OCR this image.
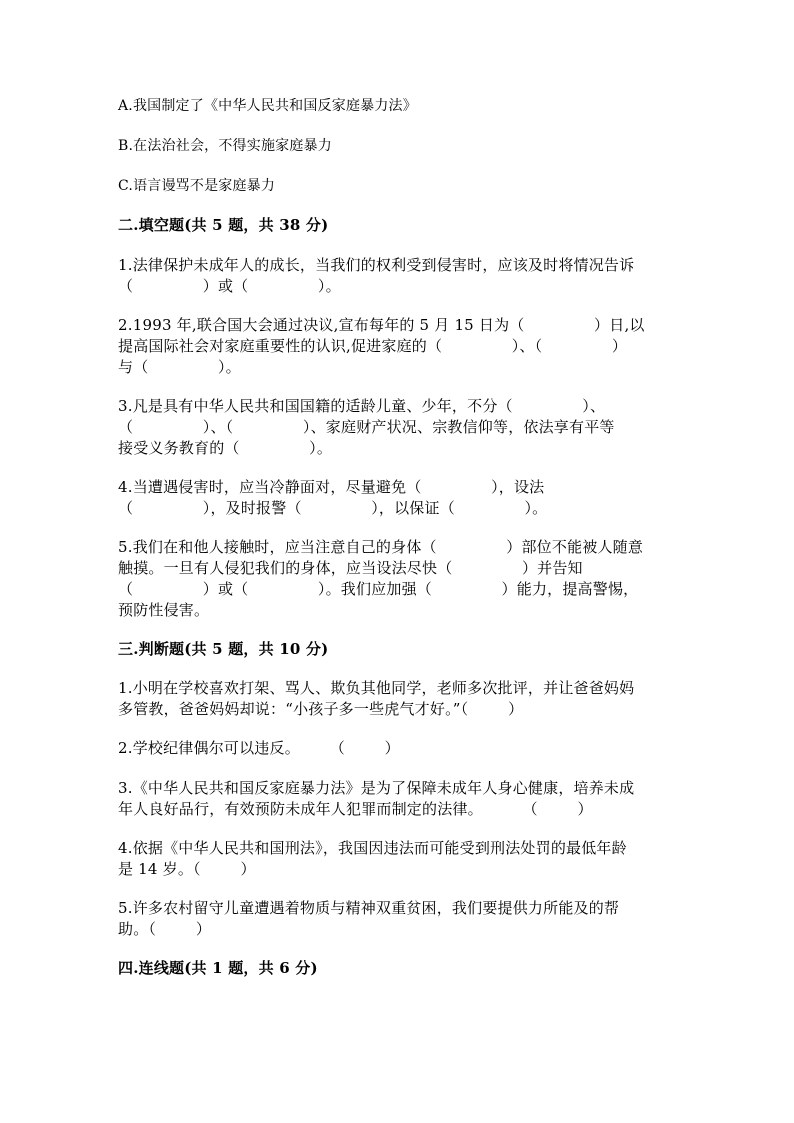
A.我国制定了《中华人民共和国反家庭暴力法》
B.在法治社会，不得实施家庭暴力
C.语言谩骂不是家庭暴力
二.填空题(共 5 题，共 38 分)
1.法律保护未成年人的成长，当我们的权利受到侵害时，应该及时将情况告诉
（              ）或（              ）。
2.1993 年,联合国大会通过决议,宣布每年的 5 月 15 日为（              ）日,以
提高国际社会对家庭重要性的认识,促进家庭的（              ）、（              ）
与（              ）。
3.凡是具有中华人民共和国国籍的适龄儿童、少年，不分（              ）、
（              ）、（              ）、家庭财产状况、宗教信仰等，依法享有平等
接受义务教育的（              ）。
4.当遭遇侵害时，应当冷静面对，尽量避免（              ），设法
（              ），及时报警（              ），以保证（              ）。
5.我们在和他人接触时，应当注意自己的身体（              ）部位不能被人随意
触摸。一旦有人侵犯我们的身体，应当设法尽快（              ）并告知
（              ）或（              ）。我们应加强（              ）能力，提高警惕，
预防性侵害。
三.判断题(共 5 题，共 10 分)
1.小明在学校喜欢打架、骂人、欺负其他同学，老师多次批评，并让爸爸妈妈
多管教，爸爸妈妈却说：“小孩子多一些虎气才好。”（        ）
2.学校纪律偶尔可以违反。      （        ）
3.《中华人民共和国反家庭暴力法》是为了保障未成年人身心健康，培养未成
年人良好品行，有效预防未成年人犯罪而制定的法律。        （        ）
4.依据《中华人民共和国刑法》，我国因违法而可能受到刑法处罚的最低年龄
是 14 岁。（        ）
5.许多农村留守儿童遭遇着物质与精神双重贫困，我们要提供力所能及的帮
助。（        ）
四.连线题(共 1 题，共 6 分)
